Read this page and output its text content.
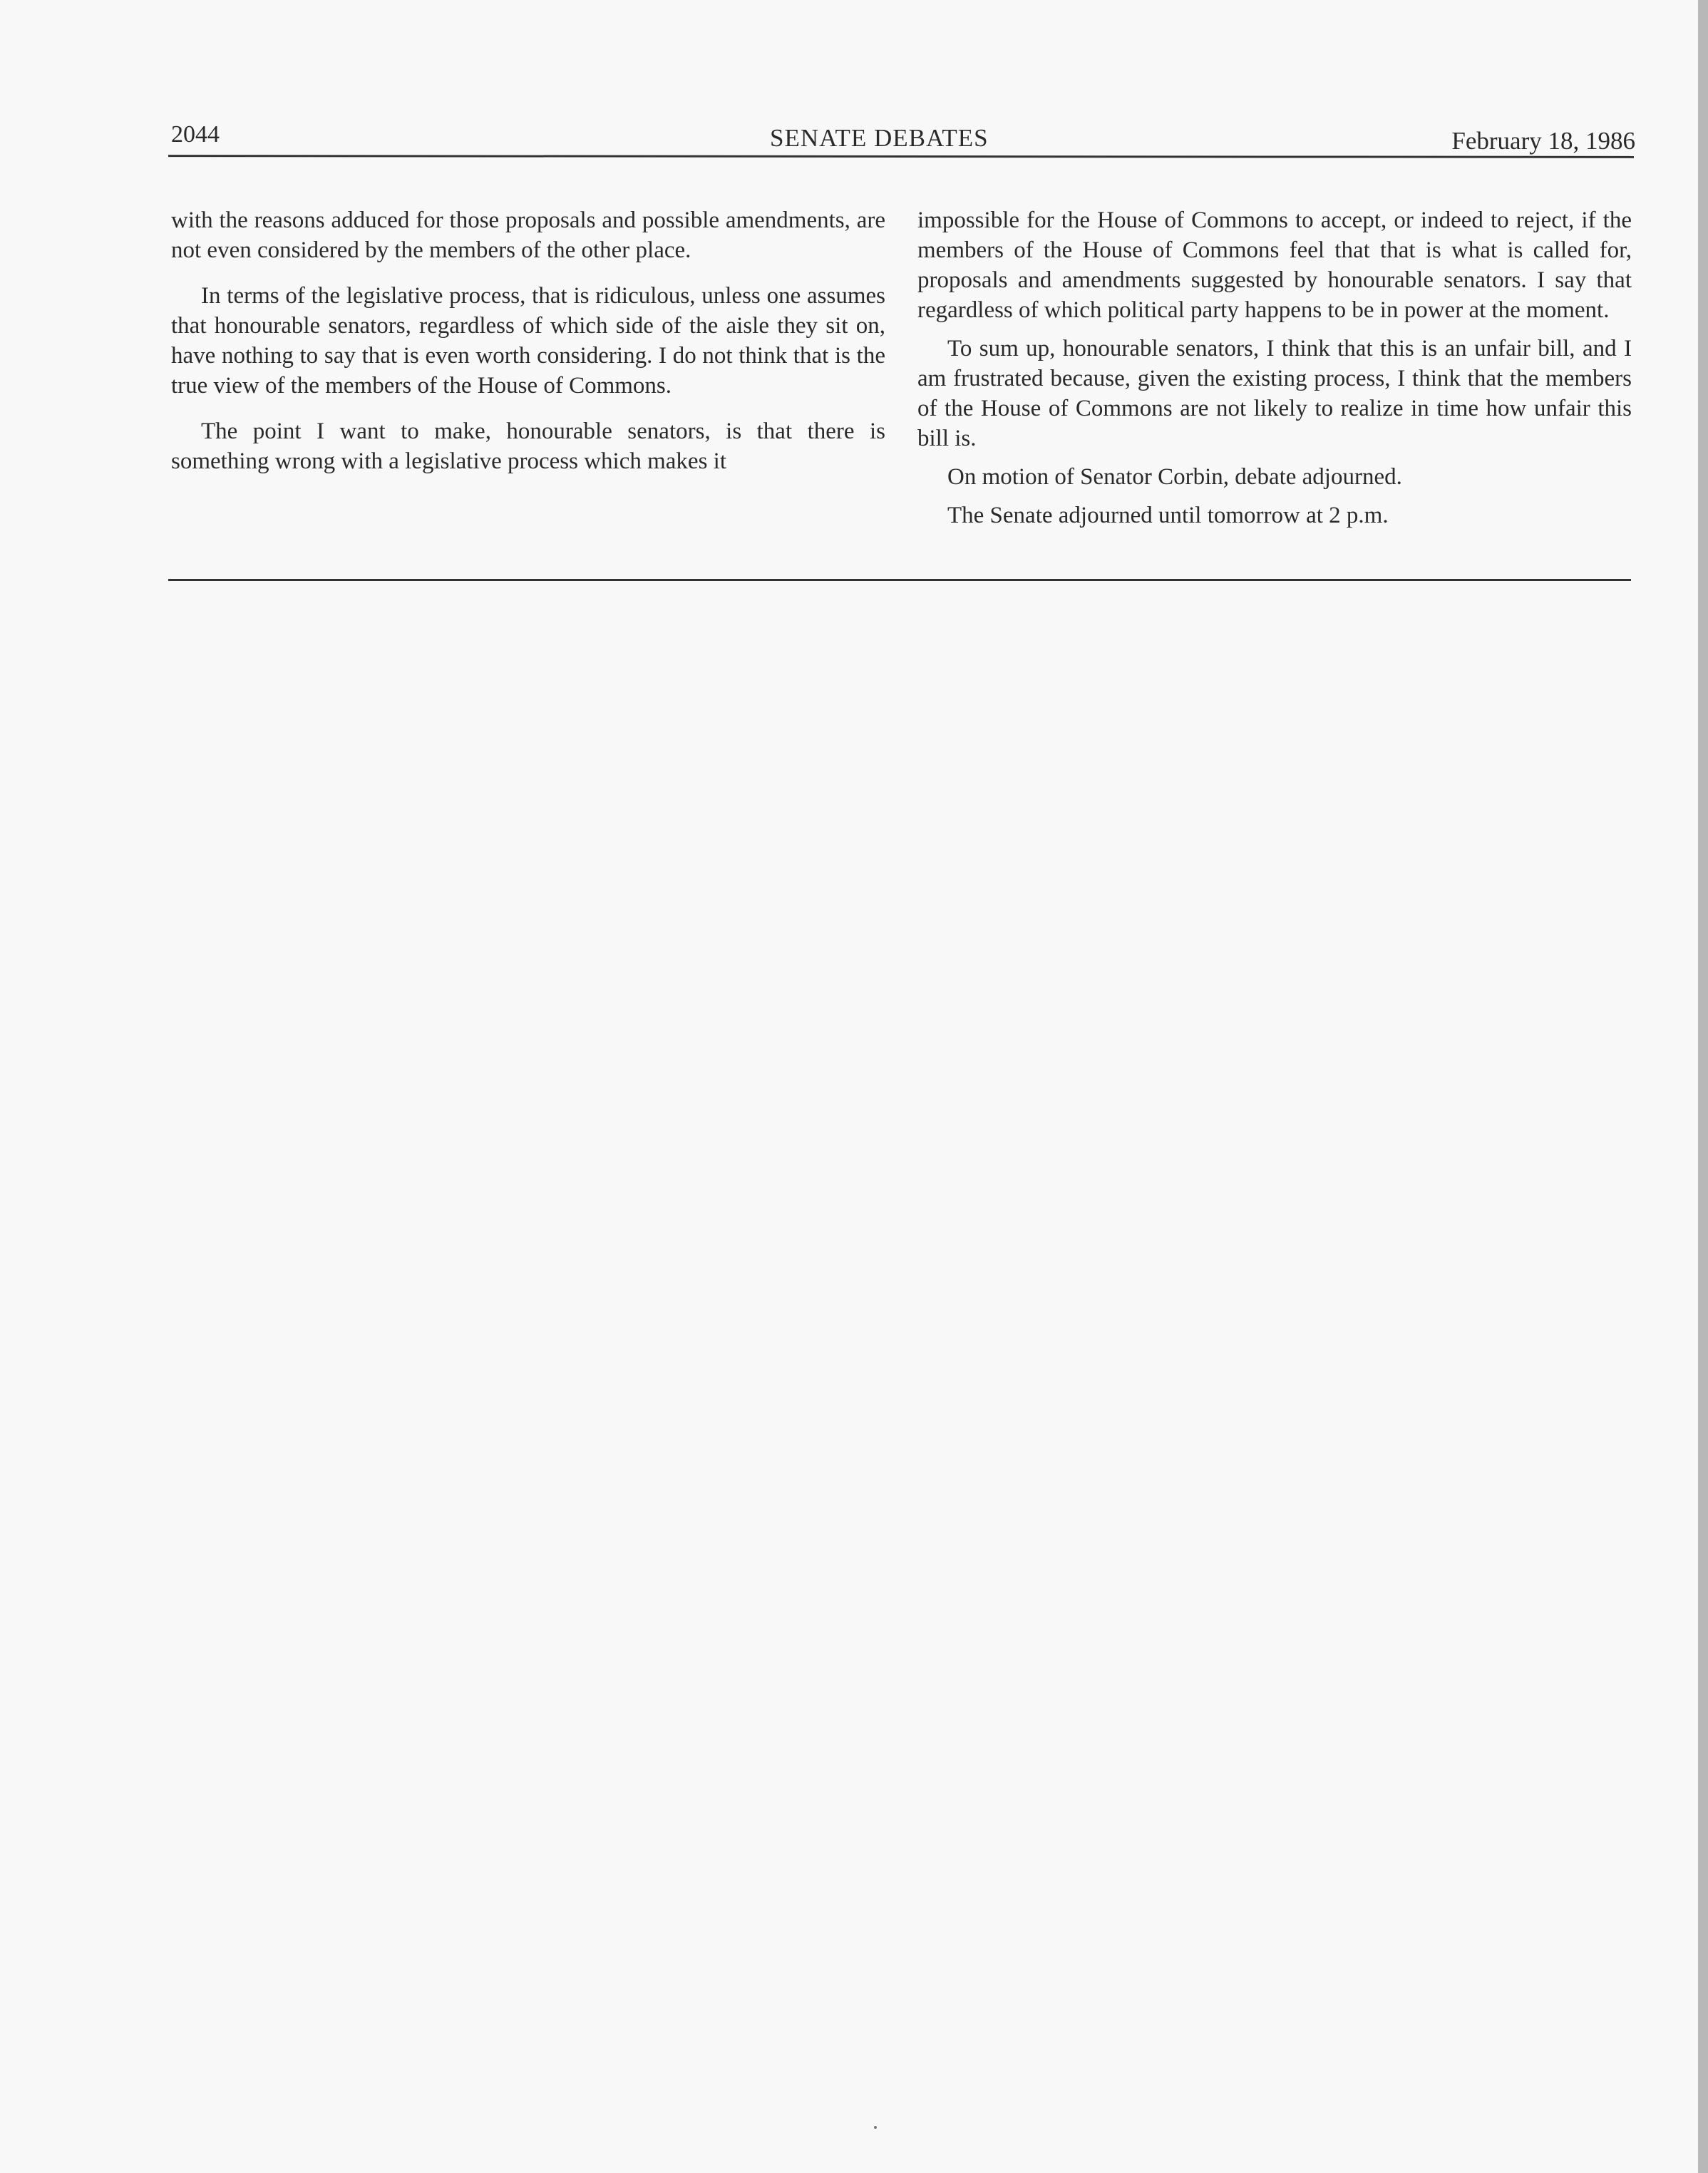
2044	SENATE DEBATES	February 18, 1986

with the reasons adduced for those proposals and possible amendments, are not even considered by the members of the other place.

In terms of the legislative process, that is ridiculous, unless one assumes that honourable senators, regardless of which side of the aisle they sit on, have nothing to say that is even worth considering. I do not think that is the true view of the members of the House of Commons.

The point I want to make, honourable senators, is that there is something wrong with a legislative process which makes it

impossible for the House of Commons to accept, or indeed to reject, if the members of the House of Commons feel that that is what is called for, proposals and amendments suggested by honourable senators. I say that regardless of which political party happens to be in power at the moment.

To sum up, honourable senators, I think that this is an unfair bill, and I am frustrated because, given the existing process, I think that the members of the House of Commons are not likely to realize in time how unfair this bill is.

On motion of Senator Corbin, debate adjourned.

The Senate adjourned until tomorrow at 2 p.m.
